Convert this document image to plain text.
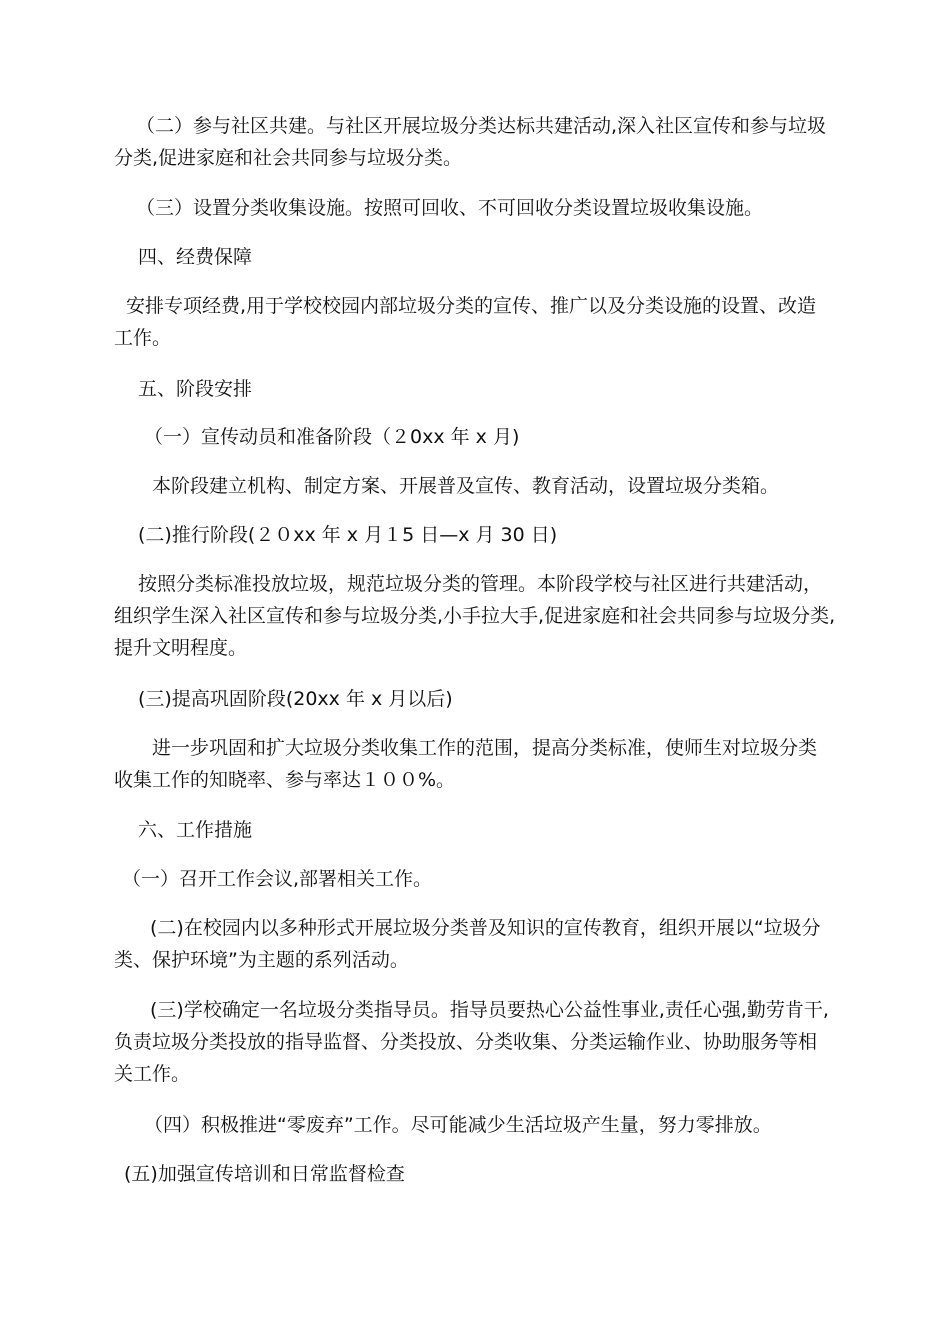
（二）参与社区共建。与社区开展垃圾分类达标共建活动,深入社区宣传和参与垃圾
分类,促进家庭和社会共同参与垃圾分类。

（三）设置分类收集设施。按照可回收、不可回收分类设置垃圾收集设施。

四、经费保障

安排专项经费,用于学校校园内部垃圾分类的宣传、推广以及分类设施的设置、改造
工作。

五、阶段安排

（一）宣传动员和准备阶段（２0xx 年 x 月)

本阶段建立机构、制定方案、开展普及宣传、教育活动，设置垃圾分类箱。

(二)推行阶段(２０xx 年 x 月１5 日—x 月 30 日)

按照分类标准投放垃圾，规范垃圾分类的管理。本阶段学校与社区进行共建活动，
组织学生深入社区宣传和参与垃圾分类,小手拉大手,促进家庭和社会共同参与垃圾分类,
提升文明程度。

(三)提高巩固阶段(20xx 年 x 月以后)

进一步巩固和扩大垃圾分类收集工作的范围，提高分类标准，使师生对垃圾分类
收集工作的知晓率、参与率达１００%。

六、工作措施

（一）召开工作会议,部署相关工作。

(二)在校园内以多种形式开展垃圾分类普及知识的宣传教育，组织开展以“垃圾分
类、保护环境”为主题的系列活动。

(三)学校确定一名垃圾分类指导员。指导员要热心公益性事业,责任心强,勤劳肯干,
负责垃圾分类投放的指导监督、分类投放、分类收集、分类运输作业、协助服务等相
关工作。

（四）积极推进“零废弃”工作。尽可能减少生活垃圾产生量，努力零排放。

(五)加强宣传培训和日常监督检查
